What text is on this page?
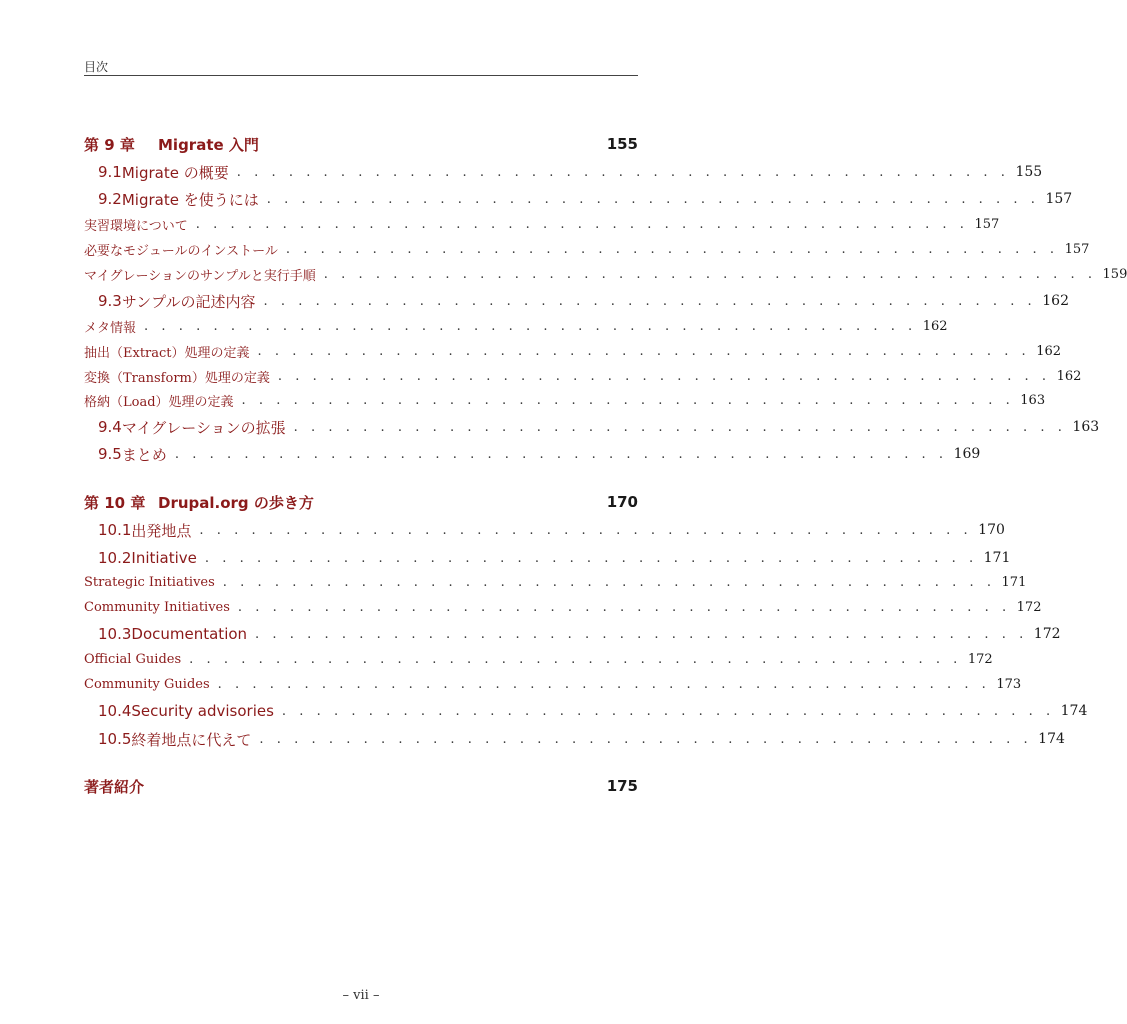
目次
第 9 章	Migrate 入門	155
9.1 Migrate の概要 . . . . . . . . . . . . . . . . . . . . . . . . . . . . . . . . . . . . . . . . . . . . . 155
9.2 Migrate を使うには . . . . . . . . . . . . . . . . . . . . . . . . . . . . . . . . . . . . . . . . . . . . . 157
実習環境について . . . . . . . . . . . . . . . . . . . . . . . . . . . . . . . . . . . . . . . . . . . . . 157
必要なモジュールのインストール . . . . . . . . . . . . . . . . . . . . . . . . . . . . . . . . . . . . . . . . . . . . . 157
マイグレーションのサンプルと実行手順 . . . . . . . . . . . . . . . . . . . . . . . . . . . . . . . . . . . . . . . . . . . . . 159
9.3 サンプルの記述内容 . . . . . . . . . . . . . . . . . . . . . . . . . . . . . . . . . . . . . . . . . . . . . 162
メタ情報 . . . . . . . . . . . . . . . . . . . . . . . . . . . . . . . . . . . . . . . . . . . . . 162
抽出（Extract）処理の定義 . . . . . . . . . . . . . . . . . . . . . . . . . . . . . . . . . . . . . . . . . . . . . 162
変換（Transform）処理の定義 . . . . . . . . . . . . . . . . . . . . . . . . . . . . . . . . . . . . . . . . . . . . . 162
格納（Load）処理の定義 . . . . . . . . . . . . . . . . . . . . . . . . . . . . . . . . . . . . . . . . . . . . . 163
9.4 マイグレーションの拡張 . . . . . . . . . . . . . . . . . . . . . . . . . . . . . . . . . . . . . . . . . . . . . 163
9.5 まとめ . . . . . . . . . . . . . . . . . . . . . . . . . . . . . . . . . . . . . . . . . . . . . 169
第 10 章 Drupal.org の歩き方	170
10.1 出発地点 . . . . . . . . . . . . . . . . . . . . . . . . . . . . . . . . . . . . . . . . . . . . . 170
10.2 Initiative . . . . . . . . . . . . . . . . . . . . . . . . . . . . . . . . . . . . . . . . . . . . . 171
Strategic Initiatives . . . . . . . . . . . . . . . . . . . . . . . . . . . . . . . . . . . . . . . . . . . . . 171
Community Initiatives . . . . . . . . . . . . . . . . . . . . . . . . . . . . . . . . . . . . . . . . . . . . . 172
10.3 Documentation . . . . . . . . . . . . . . . . . . . . . . . . . . . . . . . . . . . . . . . . . . . . . 172
Official Guides . . . . . . . . . . . . . . . . . . . . . . . . . . . . . . . . . . . . . . . . . . . . . 172
Community Guides . . . . . . . . . . . . . . . . . . . . . . . . . . . . . . . . . . . . . . . . . . . . . 173
10.4 Security advisories . . . . . . . . . . . . . . . . . . . . . . . . . . . . . . . . . . . . . . . . . . . . . 174
10.5 終着地点に代えて . . . . . . . . . . . . . . . . . . . . . . . . . . . . . . . . . . . . . . . . . . . . . 174
著者紹介	175
– vii –
